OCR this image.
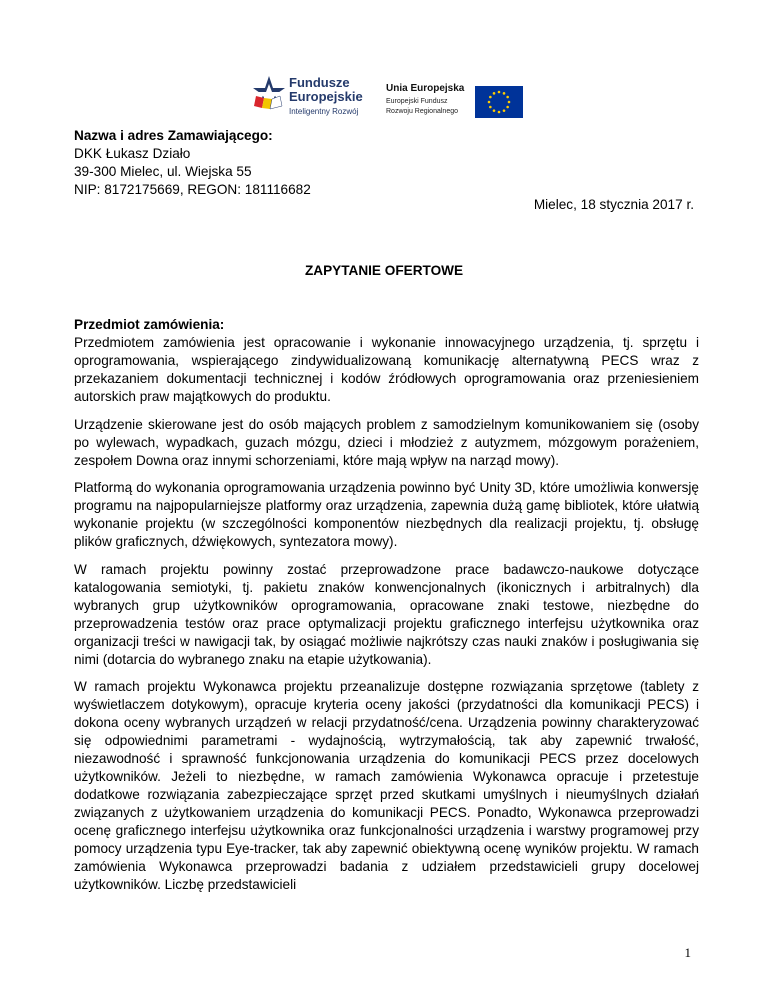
Fundusze
Europejskie
Inteligentny Rozwój
Unia Europejska
Europejski Fundusz
Rozwoju Regionalnego
Nazwa i adres Zamawiającego:
DKK Łukasz Działo
39-300 Mielec, ul. Wiejska 55
NIP: 8172175669, REGON: 181116682
Mielec, 18 stycznia 2017 r.
ZAPYTANIE OFERTOWE

Przedmiot zamówienia:

Przedmiotem zamówienia jest opracowanie i wykonanie innowacyjnego urządzenia, tj. sprzętu i oprogramowania, wspierającego zindywidualizowaną komunikację alternatywną PECS wraz z przekazaniem dokumentacji technicznej i kodów źródłowych oprogramowania oraz przeniesieniem autorskich praw majątkowych do produktu.

Urządzenie skierowane jest do osób mających problem z samodzielnym komunikowaniem się (osoby po wylewach, wypadkach, guzach mózgu, dzieci i młodzież z autyzmem, mózgowym porażeniem, zespołem Downa oraz innymi schorzeniami, które mają wpływ na narząd mowy).

Platformą do wykonania oprogramowania urządzenia powinno być Unity 3D, które umożliwia konwersję programu na najpopularniejsze platformy oraz urządzenia, zapewnia dużą gamę bibliotek, które ułatwią wykonanie projektu (w szczególności komponentów niezbędnych dla realizacji projektu, tj. obsługę plików graficznych, dźwiękowych, syntezatora mowy).

W ramach projektu powinny zostać przeprowadzone prace badawczo-naukowe dotyczące katalogowania semiotyki, tj. pakietu znaków konwencjonalnych (ikonicznych i arbitralnych) dla wybranych grup użytkowników oprogramowania, opracowane znaki testowe, niezbędne do przeprowadzenia testów oraz prace optymalizacji projektu graficznego interfejsu użytkownika oraz organizacji treści w nawigacji tak, by osiągać możliwie najkrótszy czas nauki znaków i posługiwania się nimi (dotarcia do wybranego znaku na etapie użytkowania).

W ramach projektu Wykonawca projektu przeanalizuje dostępne rozwiązania sprzętowe (tablety z wyświetlaczem dotykowym), opracuje kryteria oceny jakości (przydatności dla komunikacji PECS) i dokona oceny wybranych urządzeń w relacji przydatność/cena. Urządzenia powinny charakteryzować się odpowiednimi parametrami - wydajnością, wytrzymałością, tak aby zapewnić trwałość, niezawodność i sprawność funkcjonowania urządzenia do komunikacji PECS przez docelowych użytkowników. Jeżeli to niezbędne, w ramach zamówienia Wykonawca opracuje i przetestuje dodatkowe rozwiązania zabezpieczające sprzęt przed skutkami umyślnych i nieumyślnych działań związanych z użytkowaniem urządzenia do komunikacji PECS. Ponadto, Wykonawca przeprowadzi ocenę graficznego interfejsu użytkownika oraz funkcjonalności urządzenia i warstwy programowej przy pomocy urządzenia typu Eye-tracker, tak aby zapewnić obiektywną ocenę wyników projektu. W ramach zamówienia Wykonawca przeprowadzi badania z udziałem przedstawicieli grupy docelowej użytkowników. Liczbę przedstawicieli

1
